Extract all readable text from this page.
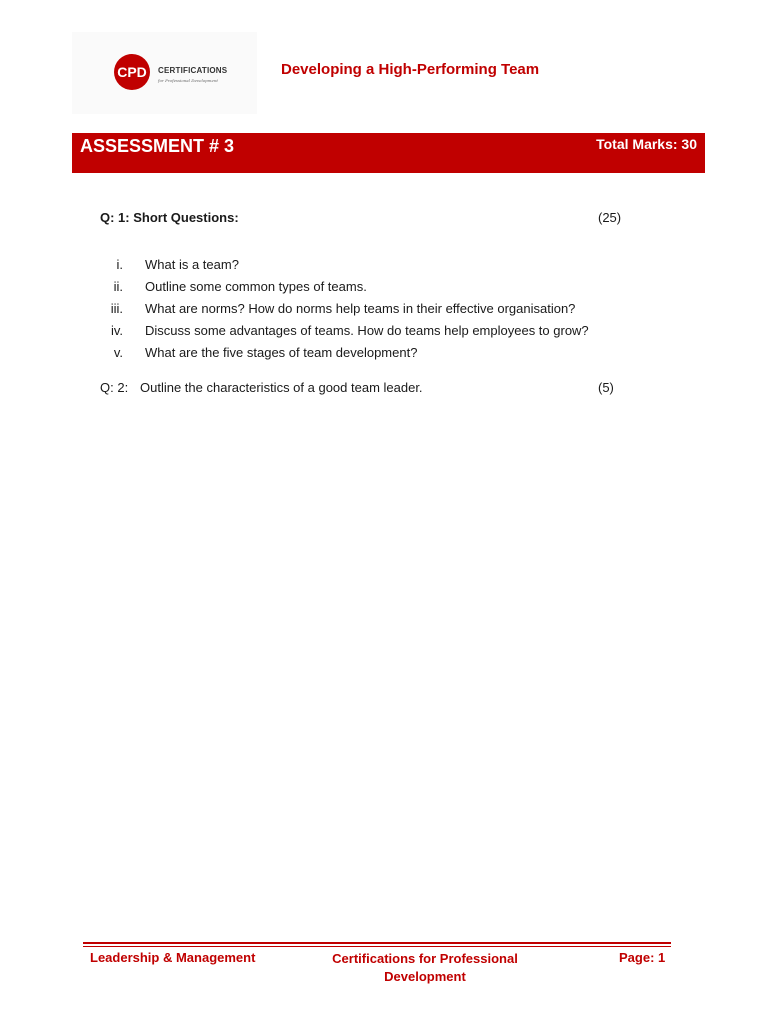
CPD CERTIFICATIONS
for Professional Development
Developing a High-Performing Team
ASSESSMENT # 3	Total Marks: 30
Q: 1: Short Questions:	(25)
i. What is a team?
ii. Outline some common types of teams.
iii. What are norms? How do norms help teams in their effective organisation?
iv. Discuss some advantages of teams. How do teams help employees to grow?
v. What are the five stages of team development?
Q: 2: Outline the characteristics of a good team leader.	(5)
Leadership & Management	Certifications for Professional Development
Page: 1
